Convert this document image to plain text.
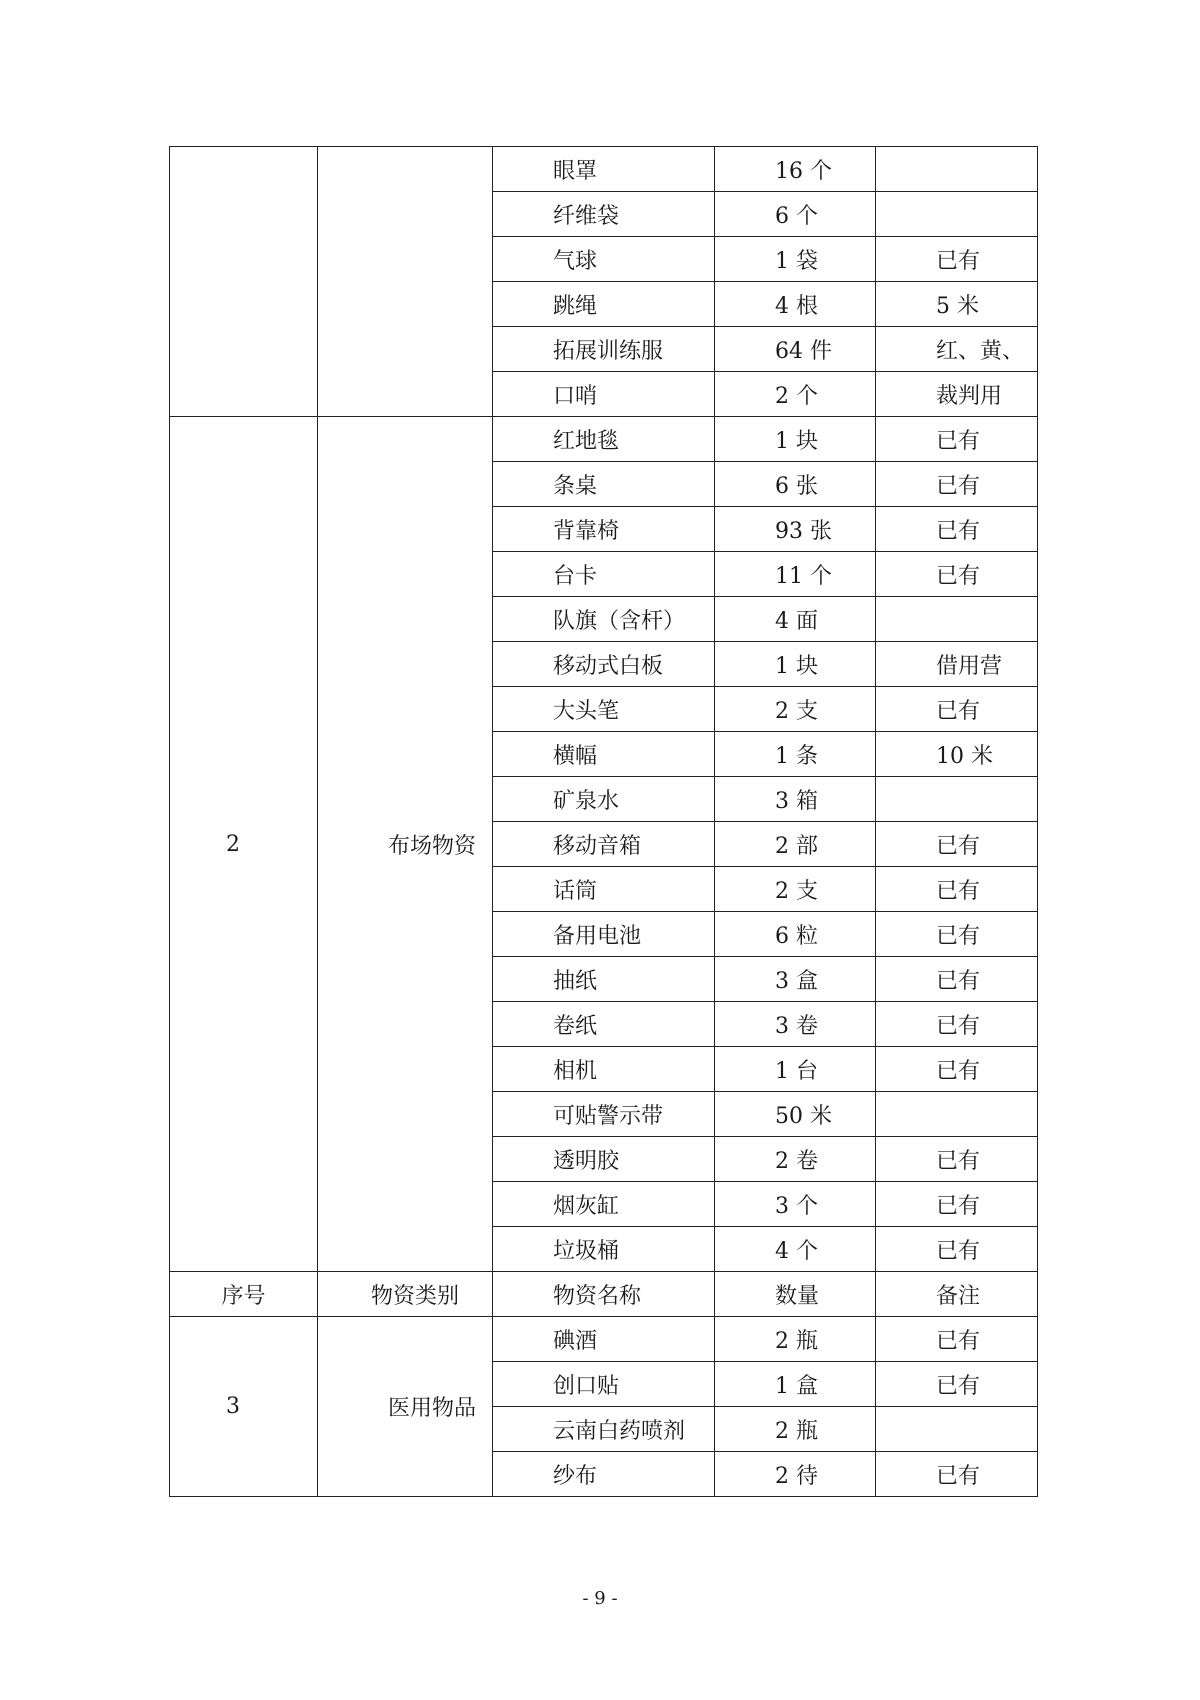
		眼罩	16 个	
		纤维袋	6 个	
		气球	1 袋	已有
		跳绳	4 根	5 米
		拓展训练服	64 件	红、黄、
		口哨	2 个	裁判用
2	布场物资	红地毯	1 块	已有
		条桌	6 张	已有
		背靠椅	93 张	已有
		台卡	11 个	已有
		队旗（含杆）	4 面	
		移动式白板	1 块	借用营
		大头笔	2 支	已有
		横幅	1 条	10 米
		矿泉水	3 箱	
		移动音箱	2 部	已有
		话筒	2 支	已有
		备用电池	6 粒	已有
		抽纸	3 盒	已有
		卷纸	3 卷	已有
		相机	1 台	已有
		可贴警示带	50 米	
		透明胶	2 卷	已有
		烟灰缸	3 个	已有
		垃圾桶	4 个	已有
序号	物资类别	物资名称	数量	备注
3	医用物品	碘酒	2 瓶	已有
		创口贴	1 盒	已有
		云南白药喷剂	2 瓶	
		纱布	2 待	已有
- 9 -
